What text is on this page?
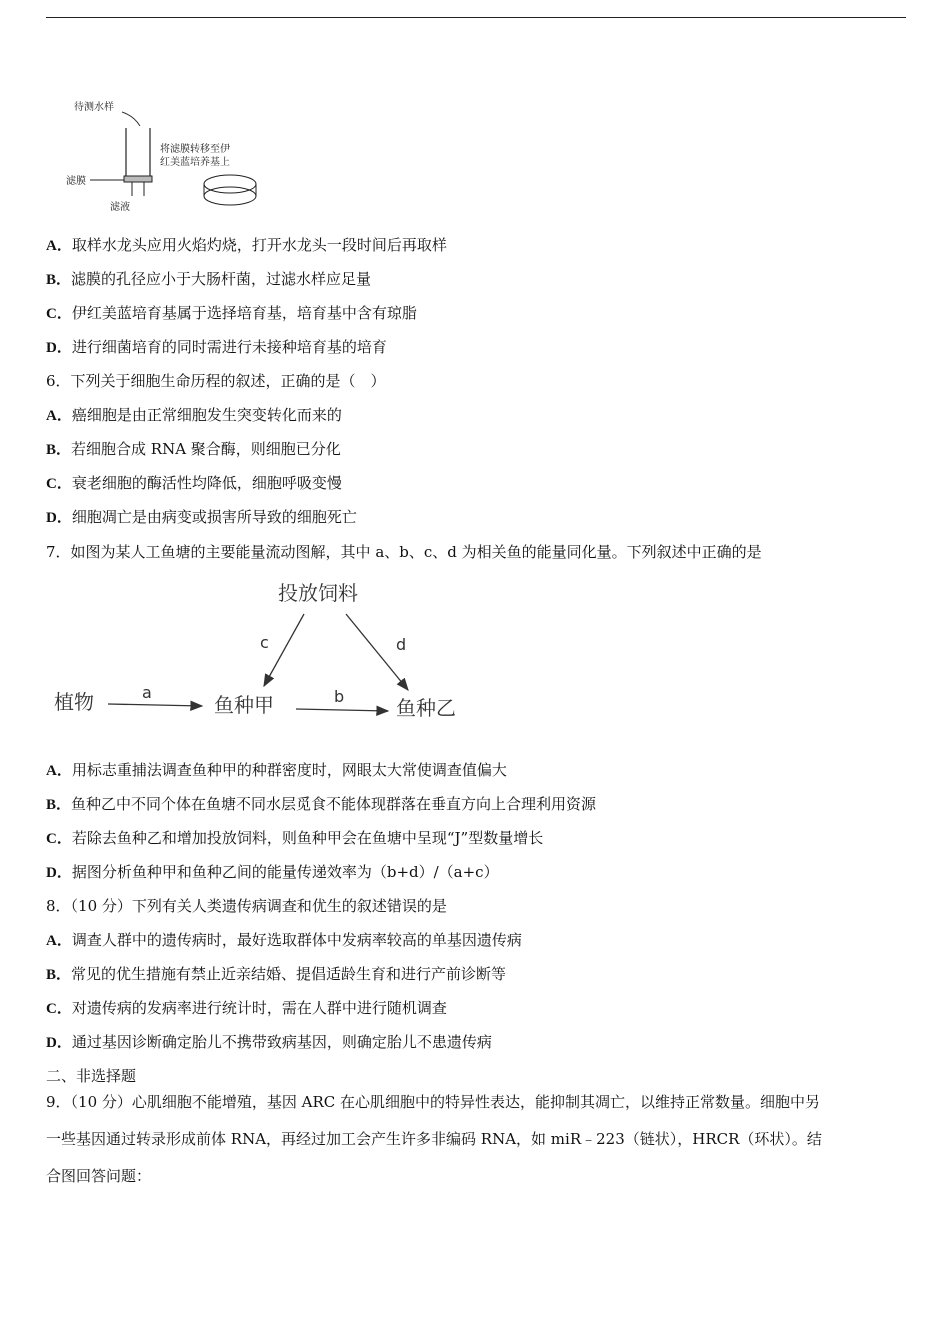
待测水样
滤膜
滤液
将滤膜转移至伊
红美蓝培养基上
A．取样水龙头应用火焰灼烧，打开水龙头一段时间后再取样
B．滤膜的孔径应小于大肠杆菌，过滤水样应足量
C．伊红美蓝培育基属于选择培育基，培育基中含有琼脂
D．进行细菌培育的同时需进行未接种培育基的培育
6．下列关于细胞生命历程的叙述，正确的是（　）
A．癌细胞是由正常细胞发生突变转化而来的
B．若细胞合成 RNA 聚合酶，则细胞已分化
C．衰老细胞的酶活性均降低，细胞呼吸变慢
D．细胞凋亡是由病变或损害所导致的细胞死亡
7．如图为某人工鱼塘的主要能量流动图解，其中 a、b、c、d 为相关鱼的能量同化量。下列叙述中正确的是
投放饲料
植物	鱼种甲	鱼种乙
a	b
c	d
A．用标志重捕法调查鱼种甲的种群密度时，网眼太大常使调查值偏大
B．鱼种乙中不同个体在鱼塘不同水层觅食不能体现群落在垂直方向上合理利用资源
C．若除去鱼种乙和增加投放饲料，则鱼种甲会在鱼塘中呈现“J”型数量增长
D．据图分析鱼种甲和鱼种乙间的能量传递效率为（b+d）/（a+c）
8．（10 分）下列有关人类遗传病调查和优生的叙述错误的是
A．调查人群中的遗传病时，最好选取群体中发病率较高的单基因遗传病
B．常见的优生措施有禁止近亲结婚、提倡适龄生育和进行产前诊断等
C．对遗传病的发病率进行统计时，需在人群中进行随机调查
D．通过基因诊断确定胎儿不携带致病基因，则确定胎儿不患遗传病
二、非选择题
9．（10 分）心肌细胞不能增殖，基因 ARC 在心肌细胞中的特异性表达，能抑制其凋亡，以维持正常数量。细胞中另
一些基因通过转录形成前体 RNA，再经过加工会产生许多非编码 RNA，如 miR﹣223（链状），HRCR（环状）。结
合图回答问题：
